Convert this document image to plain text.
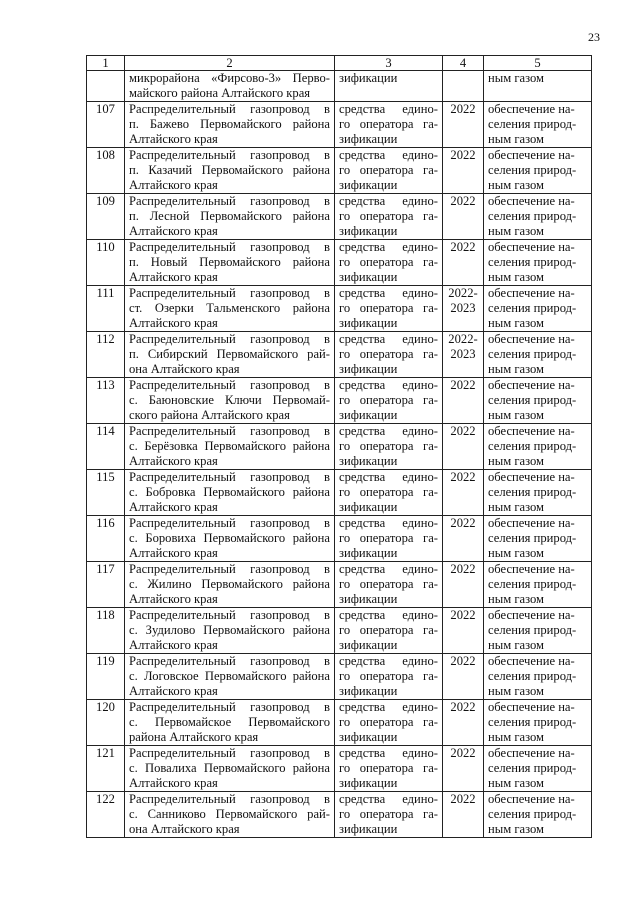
23
1	2	3	4	5

	микрорайона «Фирсово-3» Перво-
майского района Алтайского края	зификации		ным газом

107	Распределительный газопровод в
п. Бажево Первомайского района
Алтайского края	средства едино-
го оператора га-
зификации	2022	обеспечение на-
селения природ-
ным газом

108	Распределительный газопровод в
п. Казачий Первомайского района
Алтайского края	средства едино-
го оператора га-
зификации	2022	обеспечение на-
селения природ-
ным газом

109	Распределительный газопровод в
п. Лесной Первомайского района
Алтайского края	средства едино-
го оператора га-
зификации	2022	обеспечение на-
селения природ-
ным газом

110	Распределительный газопровод в
п. Новый Первомайского района
Алтайского края	средства едино-
го оператора га-
зификации	2022	обеспечение на-
селения природ-
ным газом

111	Распределительный газопровод в
ст. Озерки Тальменского района
Алтайского края	средства едино-
го оператора га-
зификации	2022-
2023	обеспечение на-
селения природ-
ным газом

112	Распределительный газопровод в
п. Сибирский Первомайского рай-
она Алтайского края	средства едино-
го оператора га-
зификации	2022-
2023	обеспечение на-
селения природ-
ным газом

113	Распределительный газопровод в
с. Баюновские Ключи Первомай-
ского района Алтайского края	средства едино-
го оператора га-
зификации	2022	обеспечение на-
селения природ-
ным газом

114	Распределительный газопровод в
с. Берёзовка Первомайского района
Алтайского края	средства едино-
го оператора га-
зификации	2022	обеспечение на-
селения природ-
ным газом

115	Распределительный газопровод в
с. Бобровка Первомайского района
Алтайского края	средства едино-
го оператора га-
зификации	2022	обеспечение на-
селения природ-
ным газом

116	Распределительный газопровод в
с. Боровиха Первомайского района
Алтайского края	средства едино-
го оператора га-
зификации	2022	обеспечение на-
селения природ-
ным газом

117	Распределительный газопровод в
с. Жилино Первомайского района
Алтайского края	средства едино-
го оператора га-
зификации	2022	обеспечение на-
селения природ-
ным газом

118	Распределительный газопровод в
с. Зудилово Первомайского района
Алтайского края	средства едино-
го оператора га-
зификации	2022	обеспечение на-
селения природ-
ным газом

119	Распределительный газопровод в
с. Логовское Первомайского района
Алтайского края	средства едино-
го оператора га-
зификации	2022	обеспечение на-
селения природ-
ным газом

120	Распределительный газопровод в
с. Первомайское Первомайского
района Алтайского края	средства едино-
го оператора га-
зификации	2022	обеспечение на-
селения природ-
ным газом

121	Распределительный газопровод в
с. Повалиха Первомайского района
Алтайского края	средства едино-
го оператора га-
зификации	2022	обеспечение на-
селения природ-
ным газом

122	Распределительный газопровод в
с. Санниково Первомайского рай-
она Алтайского края	средства едино-
го оператора га-
зификации	2022	обеспечение на-
селения природ-
ным газом
